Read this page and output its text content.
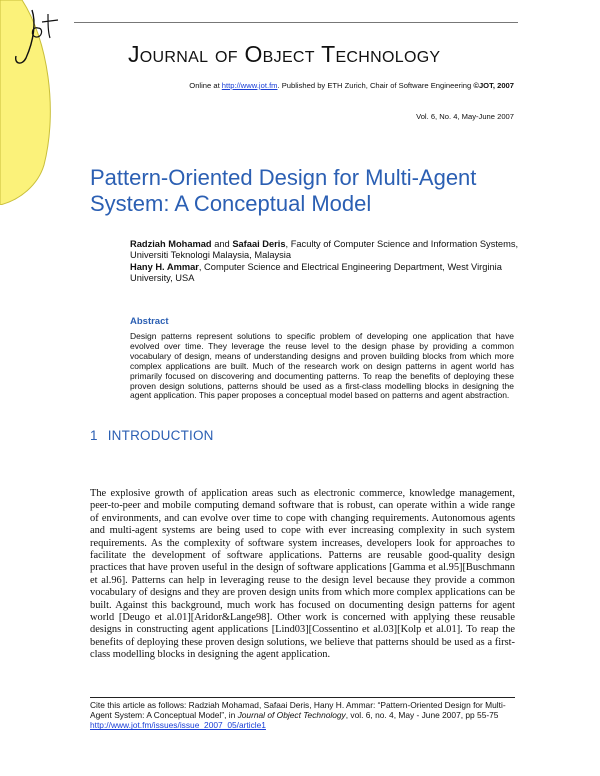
Journal of Object Technology
Online at http://www.jot.fm. Published by ETH Zurich, Chair of Software Engineering ©JOT, 2007
Vol. 6, No. 4, May-June 2007
Pattern-Oriented Design for Multi-Agent System: A Conceptual Model
Radziah Mohamad and Safaai Deris, Faculty of Computer Science and Information Systems, Universiti Teknologi Malaysia, Malaysia
Hany H. Ammar, Computer Science and Electrical Engineering Department, West Virginia University, USA
Abstract
Design patterns represent solutions to specific problem of developing one application that have evolved over time. They leverage the reuse level to the design phase by providing a common vocabulary of design, means of understanding designs and proven building blocks from which more complex applications are built. Much of the research work on design patterns in agent world has primarily focused on discovering and documenting patterns. To reap the benefits of deploying these proven design solutions, patterns should be used as a first-class modelling blocks in designing the agent application. This paper proposes a conceptual model based on patterns and agent abstraction.
1 INTRODUCTION
The explosive growth of application areas such as electronic commerce, knowledge management, peer-to-peer and mobile computing demand software that is robust, can operate within a wide range of environments, and can evolve over time to cope with changing requirements. Autonomous agents and multi-agent systems are being used to cope with ever increasing complexity in such system requirements. As the complexity of software system increases, developers look for approaches to facilitate the development of software applications. Patterns are reusable good-quality design practices that have proven useful in the design of software applications [Gamma et al.95][Buschmann et al.96]. Patterns can help in leveraging reuse to the design level because they provide a common vocabulary of designs and they are proven design units from which more complex applications can be built. Against this background, much work has focused on documenting design patterns for agent world [Deugo et al.01][Aridor&Lange98]. Other work is concerned with applying these reusable designs in constructing agent applications [Lind03][Cossentino et al.03][Kolp et al.01]. To reap the benefits of deploying these proven design solutions, we believe that patterns should be used as a first-class modelling blocks in designing the agent application.
Cite this article as follows: Radziah Mohamad, Safaai Deris, Hany H. Ammar: “Pattern-Oriented Design for Multi-Agent System: A Conceptual Model”, in Journal of Object Technology, vol. 6, no. 4, May - June 2007, pp 55-75 http://www.jot.fm/issues/issue_2007_05/article1
